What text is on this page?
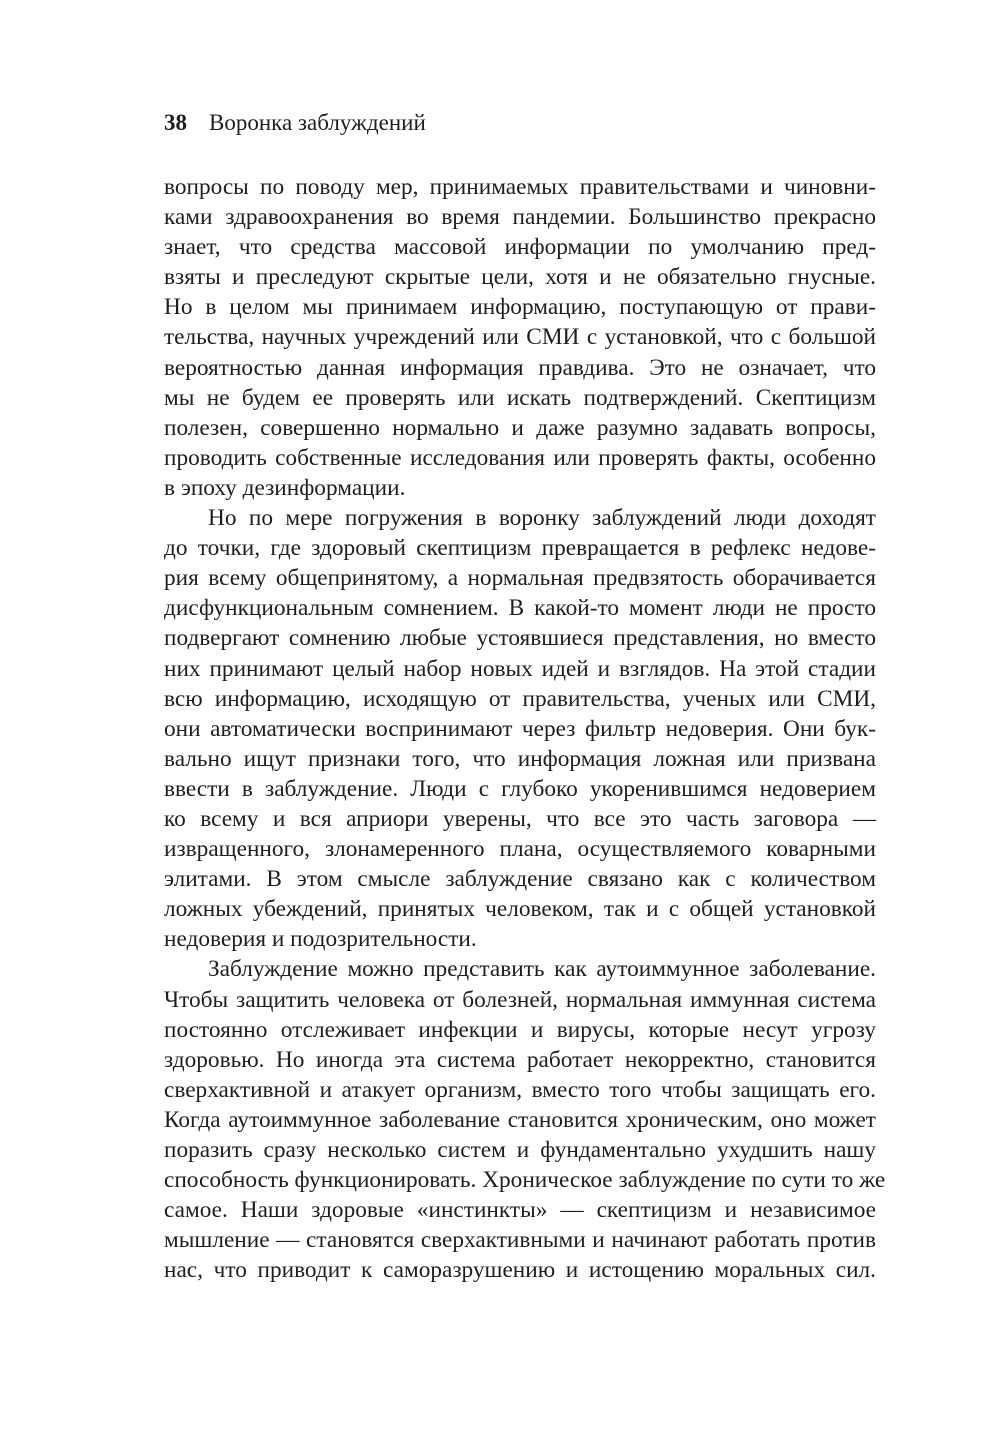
38 Воронка заблуждений
вопросы по поводу мер, принимаемых правительствами и чиновни-
ками здравоохранения во время пандемии. Большинство прекрасно
знает, что средства массовой информации по умолчанию пред-
взяты и преследуют скрытые цели, хотя и не обязательно гнусные.
Но в целом мы принимаем информацию, поступающую от прави-
тельства, научных учреждений или СМИ с установкой, что с большой
вероятностью данная информация правдива. Это не означает, что
мы не будем ее проверять или искать подтверждений. Скептицизм
полезен, совершенно нормально и даже разумно задавать вопросы,
проводить собственные исследования или проверять факты, особенно
в эпоху дезинформации.
Но по мере погружения в воронку заблуждений люди доходят
до точки, где здоровый скептицизм превращается в рефлекс недове-
рия всему общепринятому, а нормальная предвзятость оборачивается
дисфункциональным сомнением. В какой-то момент люди не просто
подвергают сомнению любые устоявшиеся представления, но вместо
них принимают целый набор новых идей и взглядов. На этой стадии
всю информацию, исходящую от правительства, ученых или СМИ,
они автоматически воспринимают через фильтр недоверия. Они бук-
вально ищут признаки того, что информация ложная или призвана
ввести в заблуждение. Люди с глубоко укоренившимся недоверием
ко всему и вся априори уверены, что все это часть заговора —
извращенного, злонамеренного плана, осуществляемого коварными
элитами. В этом смысле заблуждение связано как с количеством
ложных убеждений, принятых человеком, так и с общей установкой
недоверия и подозрительности.
Заблуждение можно представить как аутоиммунное заболевание.
Чтобы защитить человека от болезней, нормальная иммунная система
постоянно отслеживает инфекции и вирусы, которые несут угрозу
здоровью. Но иногда эта система работает некорректно, становится
сверхактивной и атакует организм, вместо того чтобы защищать его.
Когда аутоиммунное заболевание становится хроническим, оно может
поразить сразу несколько систем и фундаментально ухудшить нашу
способность функционировать. Хроническое заблуждение по сути то же
самое. Наши здоровые «инстинкты» — скептицизм и независимое
мышление — становятся сверхактивными и начинают работать против
нас, что приводит к саморазрушению и истощению моральных сил.
